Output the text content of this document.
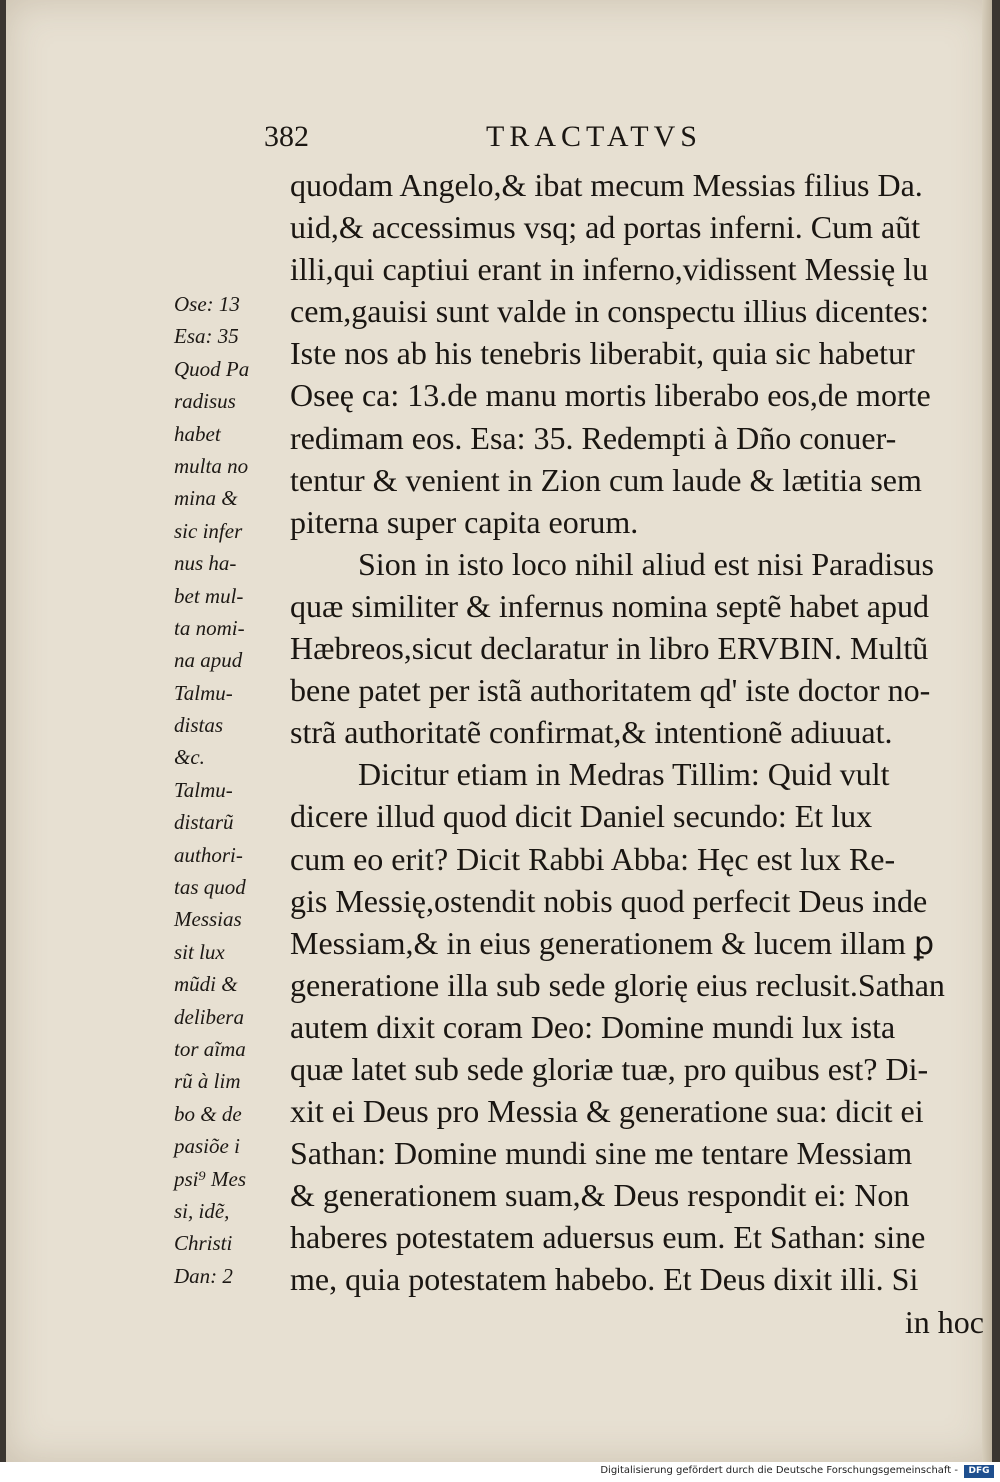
382	TRACTATVS
Ose: 13
Esa: 35
Quod Pa
radisus
habet
multa no
mina &
sic infer
nus ha-
bet mul-
ta nomi-
na apud
Talmu-
distas
&c.
Talmu-
distarũ
authori-
tas quod
Messias
sit lux
mũdi &
delibera
tor aĩma
rũ à lim
bo & de
pasiõe i
psi⁹ Mes
si, idẽ,
Christi
Dan: 2
quodam Angelo,& ibat mecum Messias filius Da.
uid,& accessimus vsq; ad portas inferni. Cum aũt
illi,qui captiui erant in inferno,vidissent Messię lu
cem,gauisi sunt valde in conspectu illius dicentes:
Iste nos ab his tenebris liberabit, quia sic habetur
Oseę ca: 13.de manu mortis liberabo eos,de morte
redimam eos. Esa: 35. Redempti à Dño conuer-
tentur & venient in Zion cum laude & lætitia sem
piterna super capita eorum.
Sion in isto loco nihil aliud est nisi Paradisus
quæ similiter & infernus nomina septẽ habet apud
Hæbreos,sicut declaratur in libro ERVBIN. Multũ
bene patet per istã authoritatem qd' iste doctor no-
strã authoritatẽ confirmat,& intentionẽ adiuuat.
Dicitur etiam in Medras Tillim: Quid vult
dicere illud quod dicit Daniel secundo: Et lux
cum eo erit? Dicit Rabbi Abba: Hęc est lux Re-
gis Messię,ostendit nobis quod perfecit Deus inde
Messiam,& in eius generationem & lucem illam ꝑ
generatione illa sub sede glorię eius reclusit.Sathan
autem dixit coram Deo: Domine mundi lux ista
quæ latet sub sede gloriæ tuæ, pro quibus est? Di-
xit ei Deus pro Messia & generatione sua: dicit ei
Sathan: Domine mundi sine me tentare Messiam
& generationem suam,& Deus respondit ei: Non
haberes potestatem aduersus eum. Et Sathan: sine
me, quia potestatem habebo. Et Deus dixit illi. Si
in hoc
Digitalisierung gefördert durch die Deutsche Forschungsgemeinschaft -	DFG
